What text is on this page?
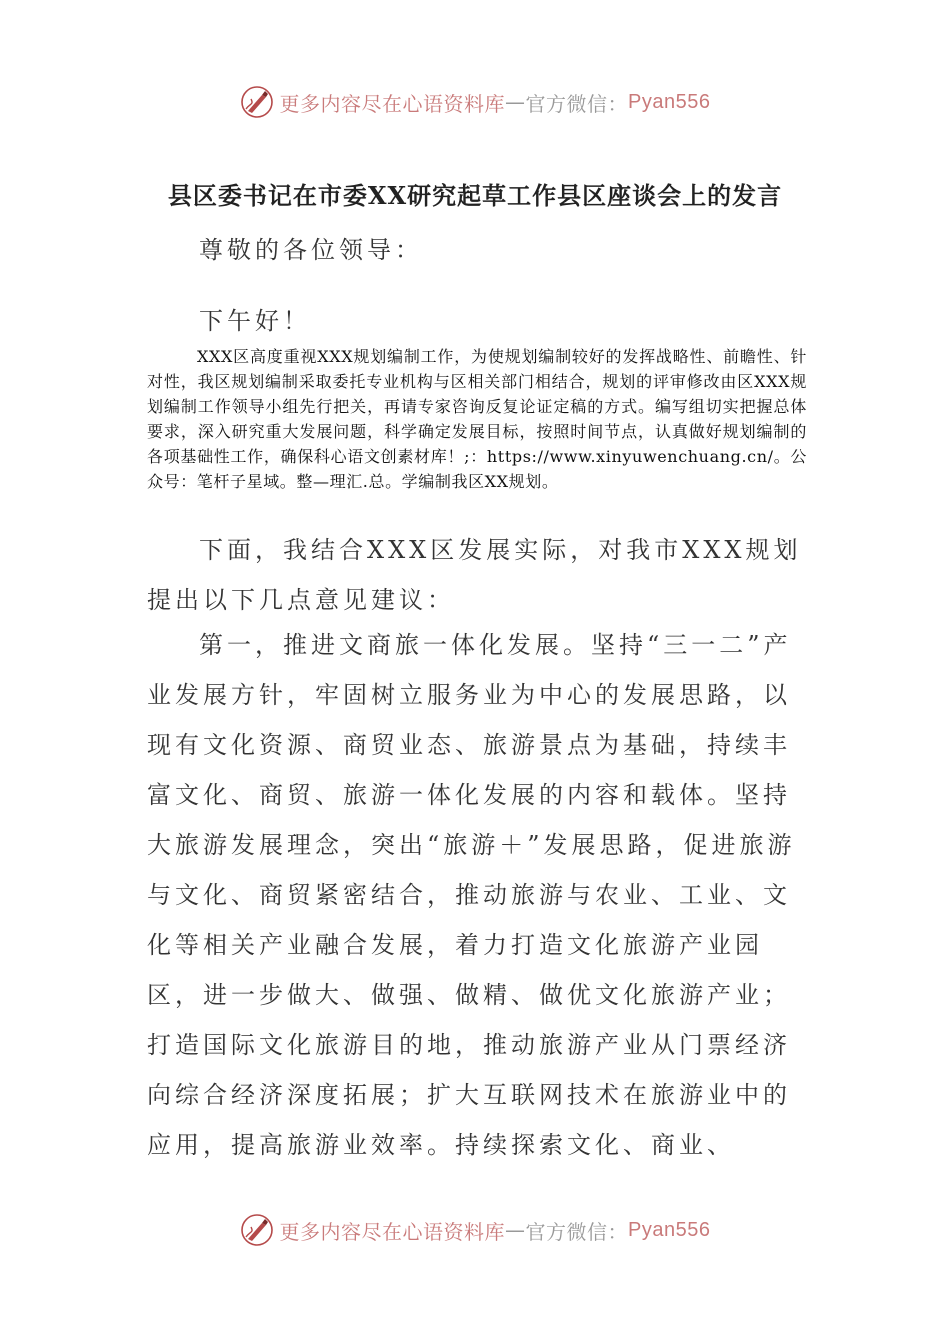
更多内容尽在心语资料库 — 官方微信： Pyan556
县区委书记在市委XX研究起草工作县区座谈会上的发言

尊敬的各位领导：

下午好！

XXX区高度重视XXX规划编制工作，为使规划编制较好的发挥战略性、前瞻性、针对性，我区规划编制采取委托专业机构与区相关部门相结合，规划的评审修改由区XXX规划编制工作领导小组先行把关，再请专家咨询反复论证定稿的方式。编写组切实把握总体要求，深入研究重大发展问题，科学确定发展目标，按照时间节点，认真做好规划编制的各项基础性工作，确保科心语文创素材库！;：https://www.xinyuwenchuang.cn/。公众号：笔杆子星域。整—理汇.总。学编制我区XX规划。

下面，我结合XXX区发展实际，对我市XXX规划提出以下几点意见建议：

第一，推进文商旅一体化发展。坚持“三一二”产业发展方针，牢固树立服务业为中心的发展思路，以现有文化资源、商贸业态、旅游景点为基础，持续丰富文化、商贸、旅游一体化发展的内容和载体。坚持大旅游发展理念，突出“旅游＋”发展思路，促进旅游与文化、商贸紧密结合，推动旅游与农业、工业、文化等相关产业融合发展，着力打造文化旅游产业园区，进一步做大、做强、做精、做优文化旅游产业；打造国际文化旅游目的地，推动旅游产业从门票经济向综合经济深度拓展；扩大互联网技术在旅游业中的应用，提高旅游业效率。持续探索文化、商业、

更多内容尽在心语资料库 — 官方微信： Pyan556
